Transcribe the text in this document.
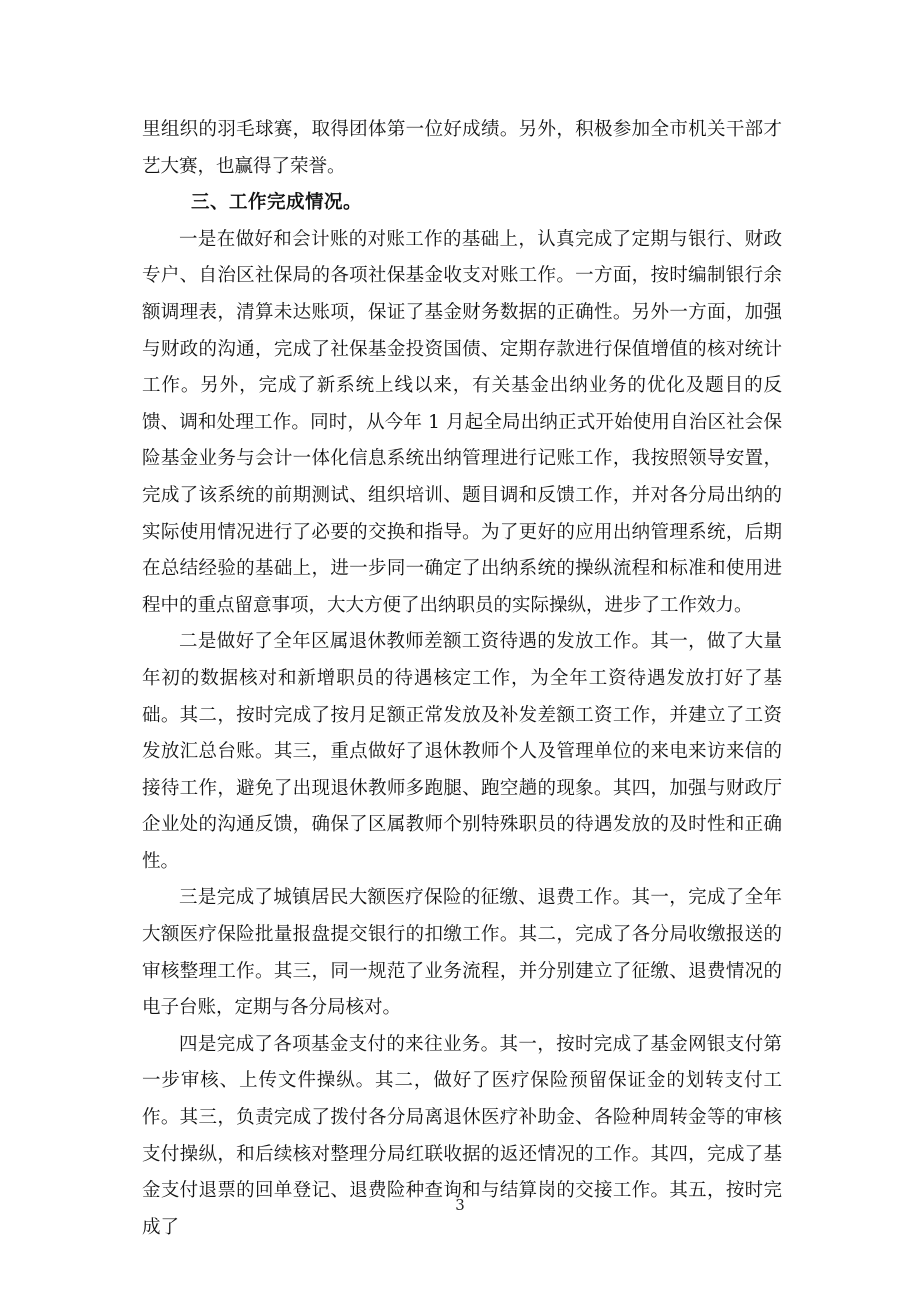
里组织的羽毛球赛，取得团体第一位好成绩。另外，积极参加全市机关干部才艺大赛，也赢得了荣誉。

三、工作完成情况。

一是在做好和会计账的对账工作的基础上，认真完成了定期与银行、财政专户、自治区社保局的各项社保基金收支对账工作。一方面，按时编制银行余额调理表，清算未达账项，保证了基金财务数据的正确性。另外一方面，加强与财政的沟通，完成了社保基金投资国债、定期存款进行保值增值的核对统计工作。另外，完成了新系统上线以来，有关基金出纳业务的优化及题目的反馈、调和处理工作。同时，从今年 1 月起全局出纳正式开始使用自治区社会保险基金业务与会计一体化信息系统出纳管理进行记账工作，我按照领导安置，完成了该系统的前期测试、组织培训、题目调和反馈工作，并对各分局出纳的实际使用情况进行了必要的交换和指导。为了更好的应用出纳管理系统，后期在总结经验的基础上，进一步同一确定了出纳系统的操纵流程和标准和使用进程中的重点留意事项，大大方便了出纳职员的实际操纵，进步了工作效力。

二是做好了全年区属退休教师差额工资待遇的发放工作。其一，做了大量年初的数据核对和新增职员的待遇核定工作，为全年工资待遇发放打好了基础。其二，按时完成了按月足额正常发放及补发差额工资工作，并建立了工资发放汇总台账。其三，重点做好了退休教师个人及管理单位的来电来访来信的接待工作，避免了出现退休教师多跑腿、跑空趟的现象。其四，加强与财政厅企业处的沟通反馈，确保了区属教师个别特殊职员的待遇发放的及时性和正确性。

三是完成了城镇居民大额医疗保险的征缴、退费工作。其一，完成了全年大额医疗保险批量报盘提交银行的扣缴工作。其二，完成了各分局收缴报送的审核整理工作。其三，同一规范了业务流程，并分别建立了征缴、退费情况的电子台账，定期与各分局核对。

四是完成了各项基金支付的来往业务。其一，按时完成了基金网银支付第一步审核、上传文件操纵。其二，做好了医疗保险预留保证金的划转支付工作。其三，负责完成了拨付各分局离退休医疗补助金、各险种周转金等的审核支付操纵，和后续核对整理分局红联收据的返还情况的工作。其四，完成了基金支付退票的回单登记、退费险种查询和与结算岗的交接工作。其五，按时完成了

3
